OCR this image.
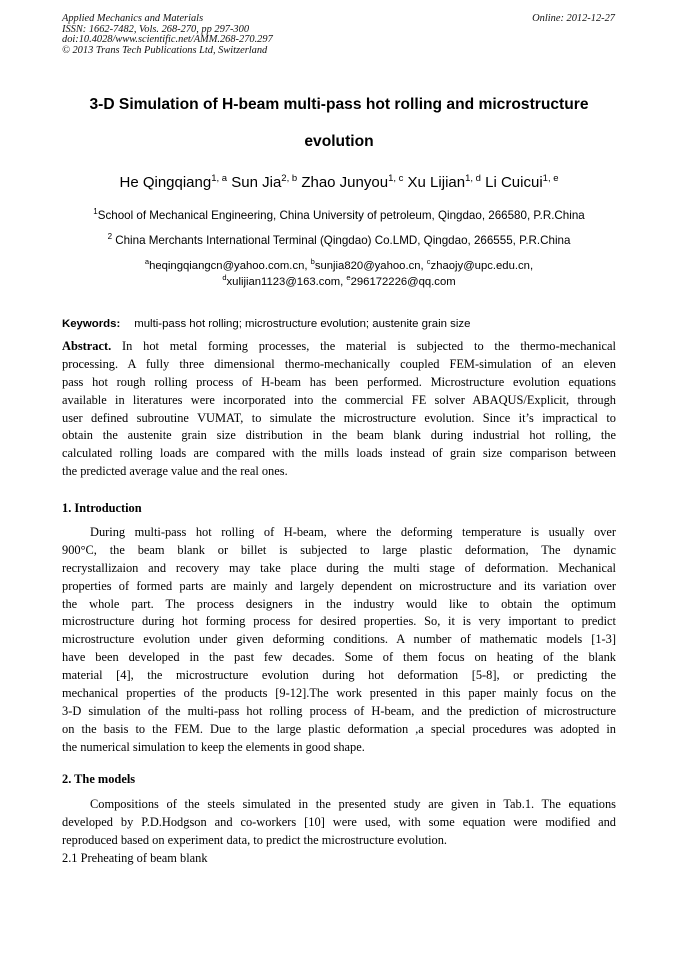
Applied Mechanics and Materials
ISSN: 1662-7482, Vols. 268-270, pp 297-300
doi:10.4028/www.scientific.net/AMM.268-270.297
© 2013 Trans Tech Publications Ltd, Switzerland
Online: 2012-12-27
3-D Simulation of H-beam multi-pass hot rolling and microstructure
evolution
He Qingqiang$^{1, a}$ Sun Jia$^{2, b}$ Zhao Junyou$^{1, c}$ Xu Lijian$^{1, d}$ Li Cuicui$^{1, e}$
$^1$School of Mechanical Engineering, China University of petroleum, Qingdao, 266580, P.R.China
$^2$ China Merchants International Terminal (Qingdao) Co.LMD, Qingdao, 266555, P.R.China
$^a$heqingqiangcn@yahoo.com.cn, $^b$sunjia820@yahoo.cn, $^c$zhaojy@upc.edu.cn,
$^d$xulijian1123@163.com, $^e$296172226@qq.com
Keywords: multi-pass hot rolling; microstructure evolution; austenite grain size
Abstract. In hot metal forming processes, the material is subjected to the thermo-mechanical
processing. A fully three dimensional thermo-mechanically coupled FEM-simulation of an eleven
pass hot rough rolling process of H-beam has been performed. Microstructure evolution equations
available in literatures were incorporated into the commercial FE solver ABAQUS/Explicit, through
user defined subroutine VUMAT, to simulate the microstructure evolution. Since it’s impractical to
obtain the austenite grain size distribution in the beam blank during industrial hot rolling, the
calculated rolling loads are compared with the mills loads instead of grain size comparison between
the predicted average value and the real ones.
1. Introduction
During multi-pass hot rolling of H-beam, where the deforming temperature is usually over
900°C, the beam blank or billet is subjected to large plastic deformation, The dynamic
recrystallizaion and recovery may take place during the multi stage of deformation. Mechanical
properties of formed parts are mainly and largely dependent on microstructure and its variation over
the whole part. The process designers in the industry would like to obtain the optimum
microstructure during hot forming process for desired properties. So, it is very important to predict
microstructure evolution under given deforming conditions. A number of mathematic models [1-3]
have been developed in the past few decades. Some of them focus on heating of the blank
material [4], the microstructure evolution during hot deformation [5-8], or predicting the
mechanical properties of the products [9-12].The work presented in this paper mainly focus on the
3-D simulation of the multi-pass hot rolling process of H-beam, and the prediction of microstructure
on the basis to the FEM. Due to the large plastic deformation ,a special procedures was adopted in
the numerical simulation to keep the elements in good shape.
2. The models
Compositions of the steels simulated in the presented study are given in Tab.1. The equations
developed by P.D.Hodgson and co-workers [10] were used, with some equation were modified and
reproduced based on experiment data, to predict the microstructure evolution.
2.1 Preheating of beam blank
